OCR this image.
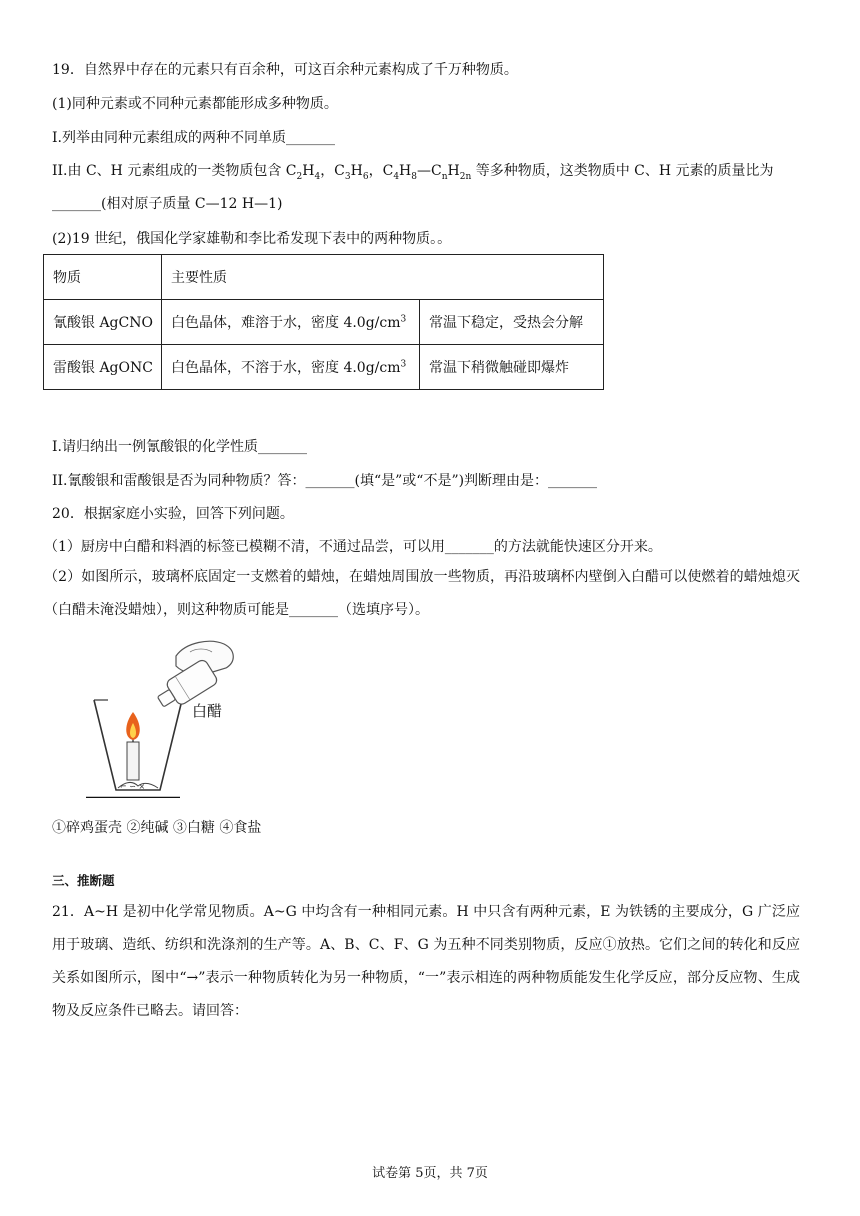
19．自然界中存在的元素只有百余种，可这百余种元素构成了千万种物质。
(1)同种元素或不同种元素都能形成多种物质。
I.列举由同种元素组成的两种不同单质_______
II.由 C、H 元素组成的一类物质包含 $C_2H_4$，$C_3H_6$，$C_4H_8—C_nH_{2n}$ 等多种物质，这类物质中 C、H 元素的质量比为
_______(相对原子质量 C—12 H—1)
(2)19 世纪，俄国化学家雄勒和李比希发现下表中的两种物质。。
物质	主要性质	
氰酸银 AgCNO	白色晶体，难溶于水，密度 $4.0g/cm^3$	常温下稳定，受热会分解
雷酸银 AgONC	白色晶体，不溶于水，密度 $4.0g/cm^3$	常温下稍微触碰即爆炸
I.请归纳出一例氰酸银的化学性质_______
II.氰酸银和雷酸银是否为同种物质？答：_______(填“是”或“不是”)判断理由是：_______
20．根据家庭小实验，回答下列问题。
（1）厨房中白醋和料酒的标签已模糊不清，不通过品尝，可以用_______的方法就能快速区分开来。
（2）如图所示，玻璃杯底固定一支燃着的蜡烛，在蜡烛周围放一些物质，再沿玻璃杯内壁倒入白醋可以使燃着的蜡烛熄灭（白醋未淹没蜡烛），则这种物质可能是_______（选填序号）。
⌐ ∽ ×
白醋
①碎鸡蛋壳 ②纯碱 ③白糖 ④食盐
三、推断题
21．A~H 是初中化学常见物质。A~G 中均含有一种相同元素。H 中只含有两种元素，E 为铁锈的主要成分，G 广泛应用于玻璃、造纸、纺织和洗涤剂的生产等。A、B、C、F、G 为五种不同类别物质，反应①放热。它们之间的转化和反应关系如图所示，图中“→”表示一种物质转化为另一种物质，“一”表示相连的两种物质能发生化学反应，部分反应物、生成物及反应条件已略去。请回答：
试卷第 5页，共 7页
